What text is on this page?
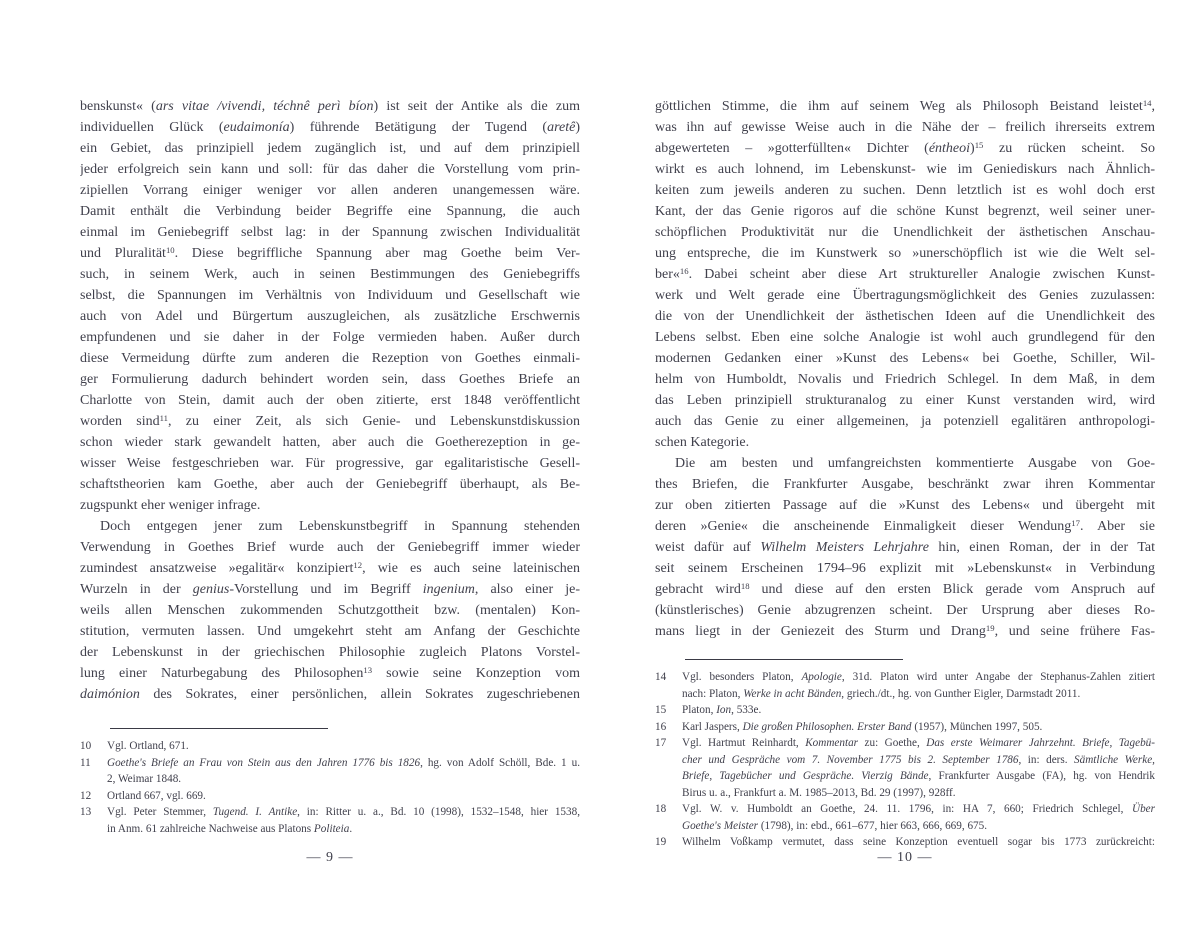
benskunst« (ars vitae /vivendi, téchnê perì bíon) ist seit der Antike als die zum
individuellen Glück (eudaimonía) führende Betätigung der Tugend (aretê)
ein Gebiet, das prinzipiell jedem zugänglich ist, und auf dem prinzipiell
jeder erfolgreich sein kann und soll: für das daher die Vorstellung vom prin-
zipiellen Vorrang einiger weniger vor allen anderen unangemessen wäre.
Damit enthält die Verbindung beider Begriffe eine Spannung, die auch
einmal im Geniebegriff selbst lag: in der Spannung zwischen Individualität
und Pluralität$^{10}$. Diese begriffliche Spannung aber mag Goethe beim Ver-
such, in seinem Werk, auch in seinen Bestimmungen des Geniebegriffs
selbst, die Spannungen im Verhältnis von Individuum und Gesellschaft wie
auch von Adel und Bürgertum auszugleichen, als zusätzliche Erschwernis
empfundenen und sie daher in der Folge vermieden haben. Außer durch
diese Vermeidung dürfte zum anderen die Rezeption von Goethes einmali-
ger Formulierung dadurch behindert worden sein, dass Goethes Briefe an
Charlotte von Stein, damit auch der oben zitierte, erst 1848 veröffentlicht
worden sind$^{11}$, zu einer Zeit, als sich Genie- und Lebenskunstdiskussion
schon wieder stark gewandelt hatten, aber auch die Goetherezeption in ge-
wisser Weise festgeschrieben war. Für progressive, gar egalitaristische Gesell-
schaftstheorien kam Goethe, aber auch der Geniebegriff überhaupt, als Be-
zugspunkt eher weniger infrage.
Doch entgegen jener zum Lebenskunstbegriff in Spannung stehenden
Verwendung in Goethes Brief wurde auch der Geniebegriff immer wieder
zumindest ansatzweise »egalitär« konzipiert$^{12}$, wie es auch seine lateinischen
Wurzeln in der genius-Vorstellung und im Begriff ingenium, also einer je-
weils allen Menschen zukommenden Schutzgottheit bzw. (mentalen) Kon-
stitution, vermuten lassen. Und umgekehrt steht am Anfang der Geschichte
der Lebenskunst in der griechischen Philosophie zugleich Platons Vorstel-
lung einer Naturbegabung des Philosophen$^{13}$ sowie seine Konzeption vom
daimónion des Sokrates, einer persönlichen, allein Sokrates zugeschriebenen
10	Vgl. Ortland, 671.
11	Goethe's Briefe an Frau von Stein aus den Jahren 1776 bis 1826, hg. von Adolf Schöll, Bde. 1 u.
2, Weimar 1848.
12	Ortland 667, vgl. 669.
13	Vgl. Peter Stemmer, Tugend. I. Antike, in: Ritter u. a., Bd. 10 (1998), 1532–1548, hier 1538,
in Anm. 61 zahlreiche Nachweise aus Platons Politeia.
— 9 —
göttlichen Stimme, die ihm auf seinem Weg als Philosoph Beistand leistet$^{14}$,
was ihn auf gewisse Weise auch in die Nähe der – freilich ihrerseits extrem
abgewerteten – »gotterfüllten« Dichter (éntheoi)$^{15}$ zu rücken scheint. So
wirkt es auch lohnend, im Lebenskunst- wie im Geniediskurs nach Ähnlich-
keiten zum jeweils anderen zu suchen. Denn letztlich ist es wohl doch erst
Kant, der das Genie rigoros auf die schöne Kunst begrenzt, weil seiner uner-
schöpflichen Produktivität nur die Unendlichkeit der ästhetischen Anschau-
ung entspreche, die im Kunstwerk so »unerschöpflich ist wie die Welt sel-
ber«$^{16}$. Dabei scheint aber diese Art struktureller Analogie zwischen Kunst-
werk und Welt gerade eine Übertragungsmöglichkeit des Genies zuzulassen:
die von der Unendlichkeit der ästhetischen Ideen auf die Unendlichkeit des
Lebens selbst. Eben eine solche Analogie ist wohl auch grundlegend für den
modernen Gedanken einer »Kunst des Lebens« bei Goethe, Schiller, Wil-
helm von Humboldt, Novalis und Friedrich Schlegel. In dem Maß, in dem
das Leben prinzipiell strukturanalog zu einer Kunst verstanden wird, wird
auch das Genie zu einer allgemeinen, ja potenziell egalitären anthropologi-
schen Kategorie.
Die am besten und umfangreichsten kommentierte Ausgabe von Goe-
thes Briefen, die Frankfurter Ausgabe, beschränkt zwar ihren Kommentar
zur oben zitierten Passage auf die »Kunst des Lebens« und übergeht mit
deren »Genie« die anscheinende Einmaligkeit dieser Wendung$^{17}$. Aber sie
weist dafür auf Wilhelm Meisters Lehrjahre hin, einen Roman, der in der Tat
seit seinem Erscheinen 1794–96 explizit mit »Lebenskunst« in Verbindung
gebracht wird$^{18}$ und diese auf den ersten Blick gerade vom Anspruch auf
(künstlerisches) Genie abzugrenzen scheint. Der Ursprung aber dieses Ro-
mans liegt in der Geniezeit des Sturm und Drang$^{19}$, und seine frühere Fas-
14	Vgl. besonders Platon, Apologie, 31d. Platon wird unter Angabe der Stephanus-Zahlen zitiert
nach: Platon, Werke in acht Bänden, griech./dt., hg. von Gunther Eigler, Darmstadt 2011.
15	Platon, Ion, 533e.
16	Karl Jaspers, Die großen Philosophen. Erster Band (1957), München 1997, 505.
17	Vgl. Hartmut Reinhardt, Kommentar zu: Goethe, Das erste Weimarer Jahrzehnt. Briefe, Tagebü-
cher und Gespräche vom 7. November 1775 bis 2. September 1786, in: ders. Sämtliche Werke,
Briefe, Tagebücher und Gespräche. Vierzig Bände, Frankfurter Ausgabe (FA), hg. von Hendrik
Birus u. a., Frankfurt a. M. 1985–2013, Bd. 29 (1997), 928ff.
18	Vgl. W. v. Humboldt an Goethe, 24. 11. 1796, in: HA 7, 660; Friedrich Schlegel, Über
Goethe's Meister (1798), in: ebd., 661–677, hier 663, 666, 669, 675.
19	Wilhelm Voßkamp vermutet, dass seine Konzeption eventuell sogar bis 1773 zurückreicht:
— 10 —
